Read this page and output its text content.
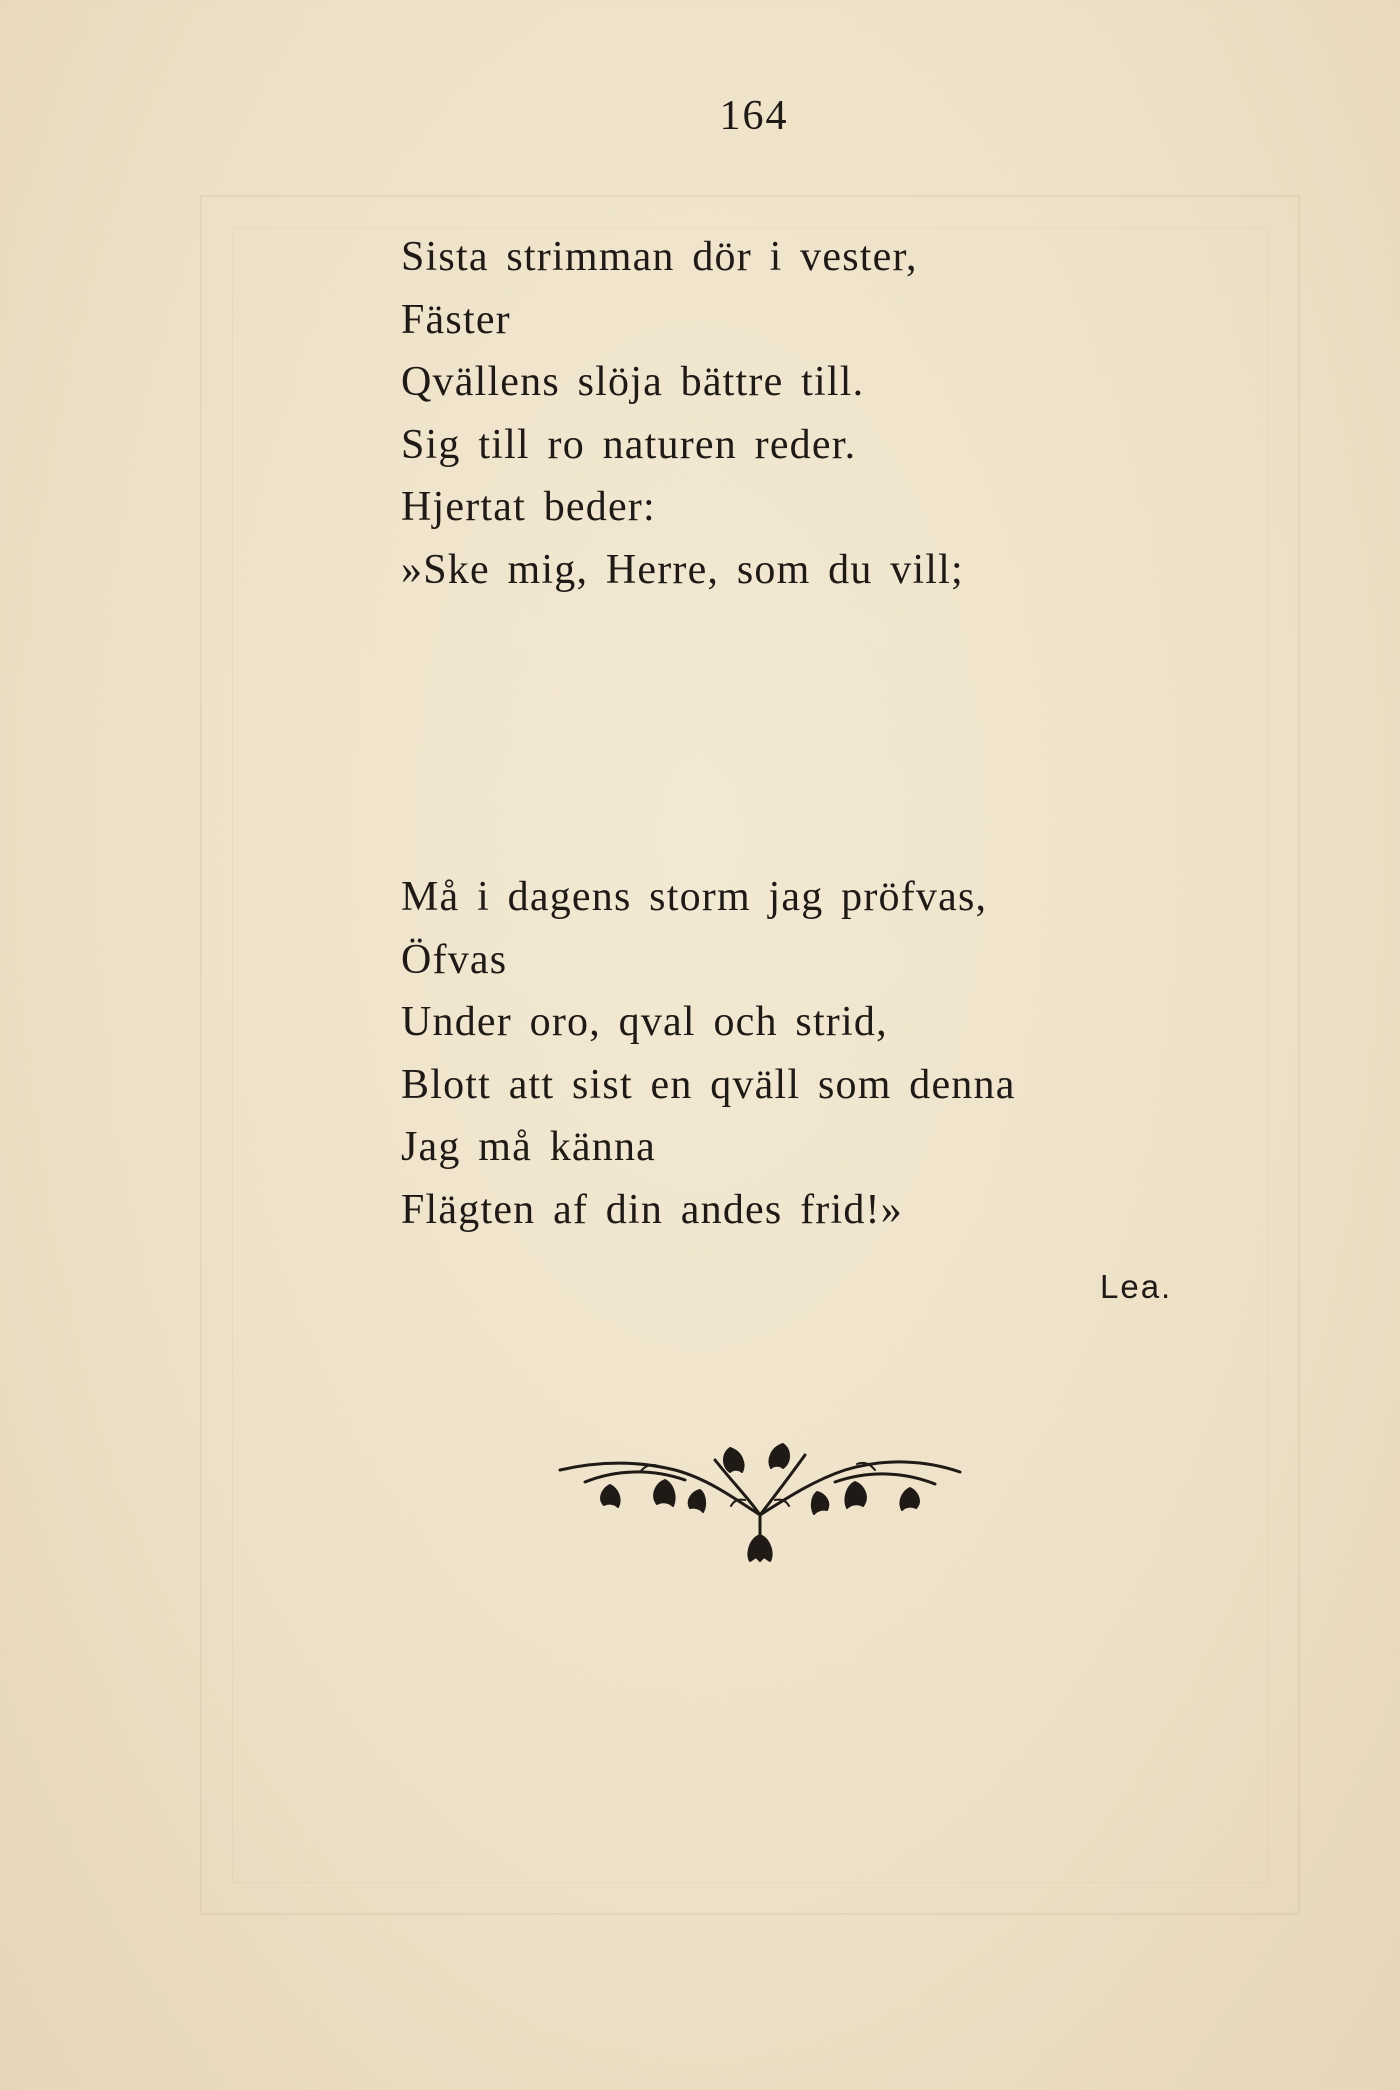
164
Sista strimman dör i vester,
Fäster
Qvällens slöja bättre till.
Sig till ro naturen reder.
Hjertat beder:
»Ske mig, Herre, som du vill;
Må i dagens storm jag pröfvas,
Öfvas
Under oro, qval och strid,
Blott att sist en qväll som denna
Jag må känna
Flägten af din andes frid!»
Lea.
